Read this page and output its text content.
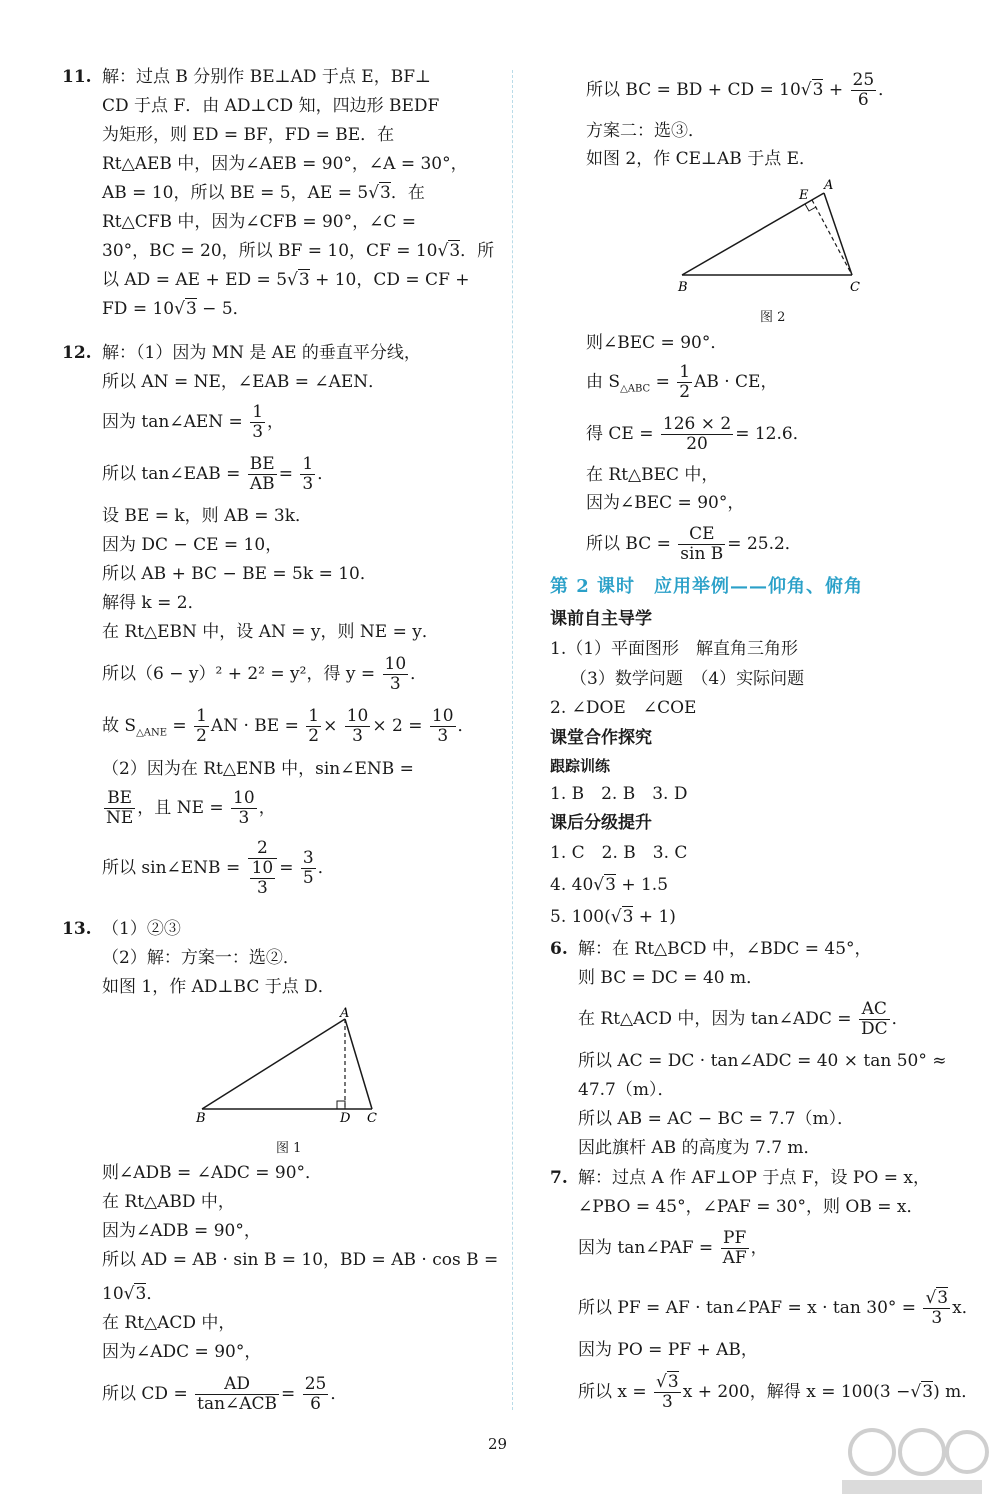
11. 解：过点 B 分别作 BE⊥AD 于点 E，BF⊥
CD 于点 F．由 AD⊥CD 知，四边形 BEDF
为矩形，则 ED = BF，FD = BE．在
Rt△AEB 中，因为∠AEB = 90°，∠A = 30°，
AB = 10，所以 BE = 5，AE = 5√3．在
Rt△CFB 中，因为∠CFB = 90°，∠C =
30°，BC = 20，所以 BF = 10，CF = 10√3．所
以 AD = AE + ED = 5√3 + 10，CD = CF +
FD = 10√3 − 5．
12. 解：（1）因为 MN 是 AE 的垂直平分线，
所以 AN = NE，∠EAB = ∠AEN．
因为 tan∠AEN = $\frac{1}{3}$ ，
所以 tan∠EAB = $\frac{BE}{AB} = \frac{1}{3}$ ．
设 BE = k，则 AB = 3k．
因为 DC − CE = 10，
所以 AB + BC − BE = 5k = 10．
解得 k = 2．
在 Rt△EBN 中，设 AN = y，则 NE = y．
所以（6 − y）² + 2² = y²，得 $y = \frac{10}{3}$ ．
故 $S_{\triangle ANE} = \frac{1}{2}$ AN · BE = $\frac{1}{2} \times \frac{10}{3} \times 2 = \frac{10}{3}$ ．
（2）因为在 Rt△ENB 中，sin∠ENB =
$\frac{BE}{NE}$ ，且 NE = $\frac{10}{3}$ ，
所以 sin∠ENB = $\frac{2}{\frac{10}{3}} = \frac{3}{5}$ ．
13. （1）②③
（2）解：方案一：选②．
如图 1，作 AD⊥BC 于点 D．
A
B	D C
图 1
则∠ADB = ∠ADC = 90°．
在 Rt△ABD 中，
因为∠ADB = 90°，
所以 AD = AB · sin B = 10，BD = AB · cos B =
10√3．
在 Rt△ACD 中，
因为∠ADC = 90°，
所以 CD =	AD
tan∠ACB = $\frac{25}{6}$ ．
所以 BC = BD + CD = $10√3 + \frac{25}{6}$ ．
方案二：选③．
如图 2，作 CE⊥AB 于点 E．
A
E
B	C
图 2
则∠BEC = 90°．
由 $S_{\triangle ABC} = \frac{1}{2}$ AB · CE，
得 CE = $\frac{126 \times 2}{20} = 12.6$．
在 Rt△BEC 中，
因为∠BEC = 90°，
所以 BC = $\frac{CE}{\text{sin B}} = 25.2$．
第 2 课时　应用举例——仰角、俯角
课前自主导学
1.（1）平面图形　解直角三角形
（3）数学问题　（4）实际问题
2. ∠DOE　∠COE
课堂合作探究
跟踪训练
1. B　2. B　3. D
课后分级提升
1. C　2. B　3. C
4. 40√3 + 1.5
5. 100(√3 + 1)
6. 解：在 Rt△BCD 中，∠BDC = 45°，
则 BC = DC = 40 m．
在 Rt△ACD 中，因为 tan∠ADC = $\frac{AC}{DC}$ ．
所以 AC = DC · tan∠ADC = 40 × tan 50° ≈
47.7（m）．
所以 AB = AC − BC = 7.7（m）．
因此旗杆 AB 的高度为 7.7 m．
7. 解：过点 A 作 AF⊥OP 于点 F，设 PO = x，
∠PBO = 45°，∠PAF = 30°，则 OB = x．
因为 tan∠PAF = $\frac{PF}{AF}$ ，
所以 PF = AF · tan∠PAF = $x \cdot \tan 30^\circ = \frac{√3}{3}$ x．
因为 PO = PF + AB，
所以 $x = \frac{√3}{3}$ x + 200，解得 x = 100(3 −√3) m．
29
